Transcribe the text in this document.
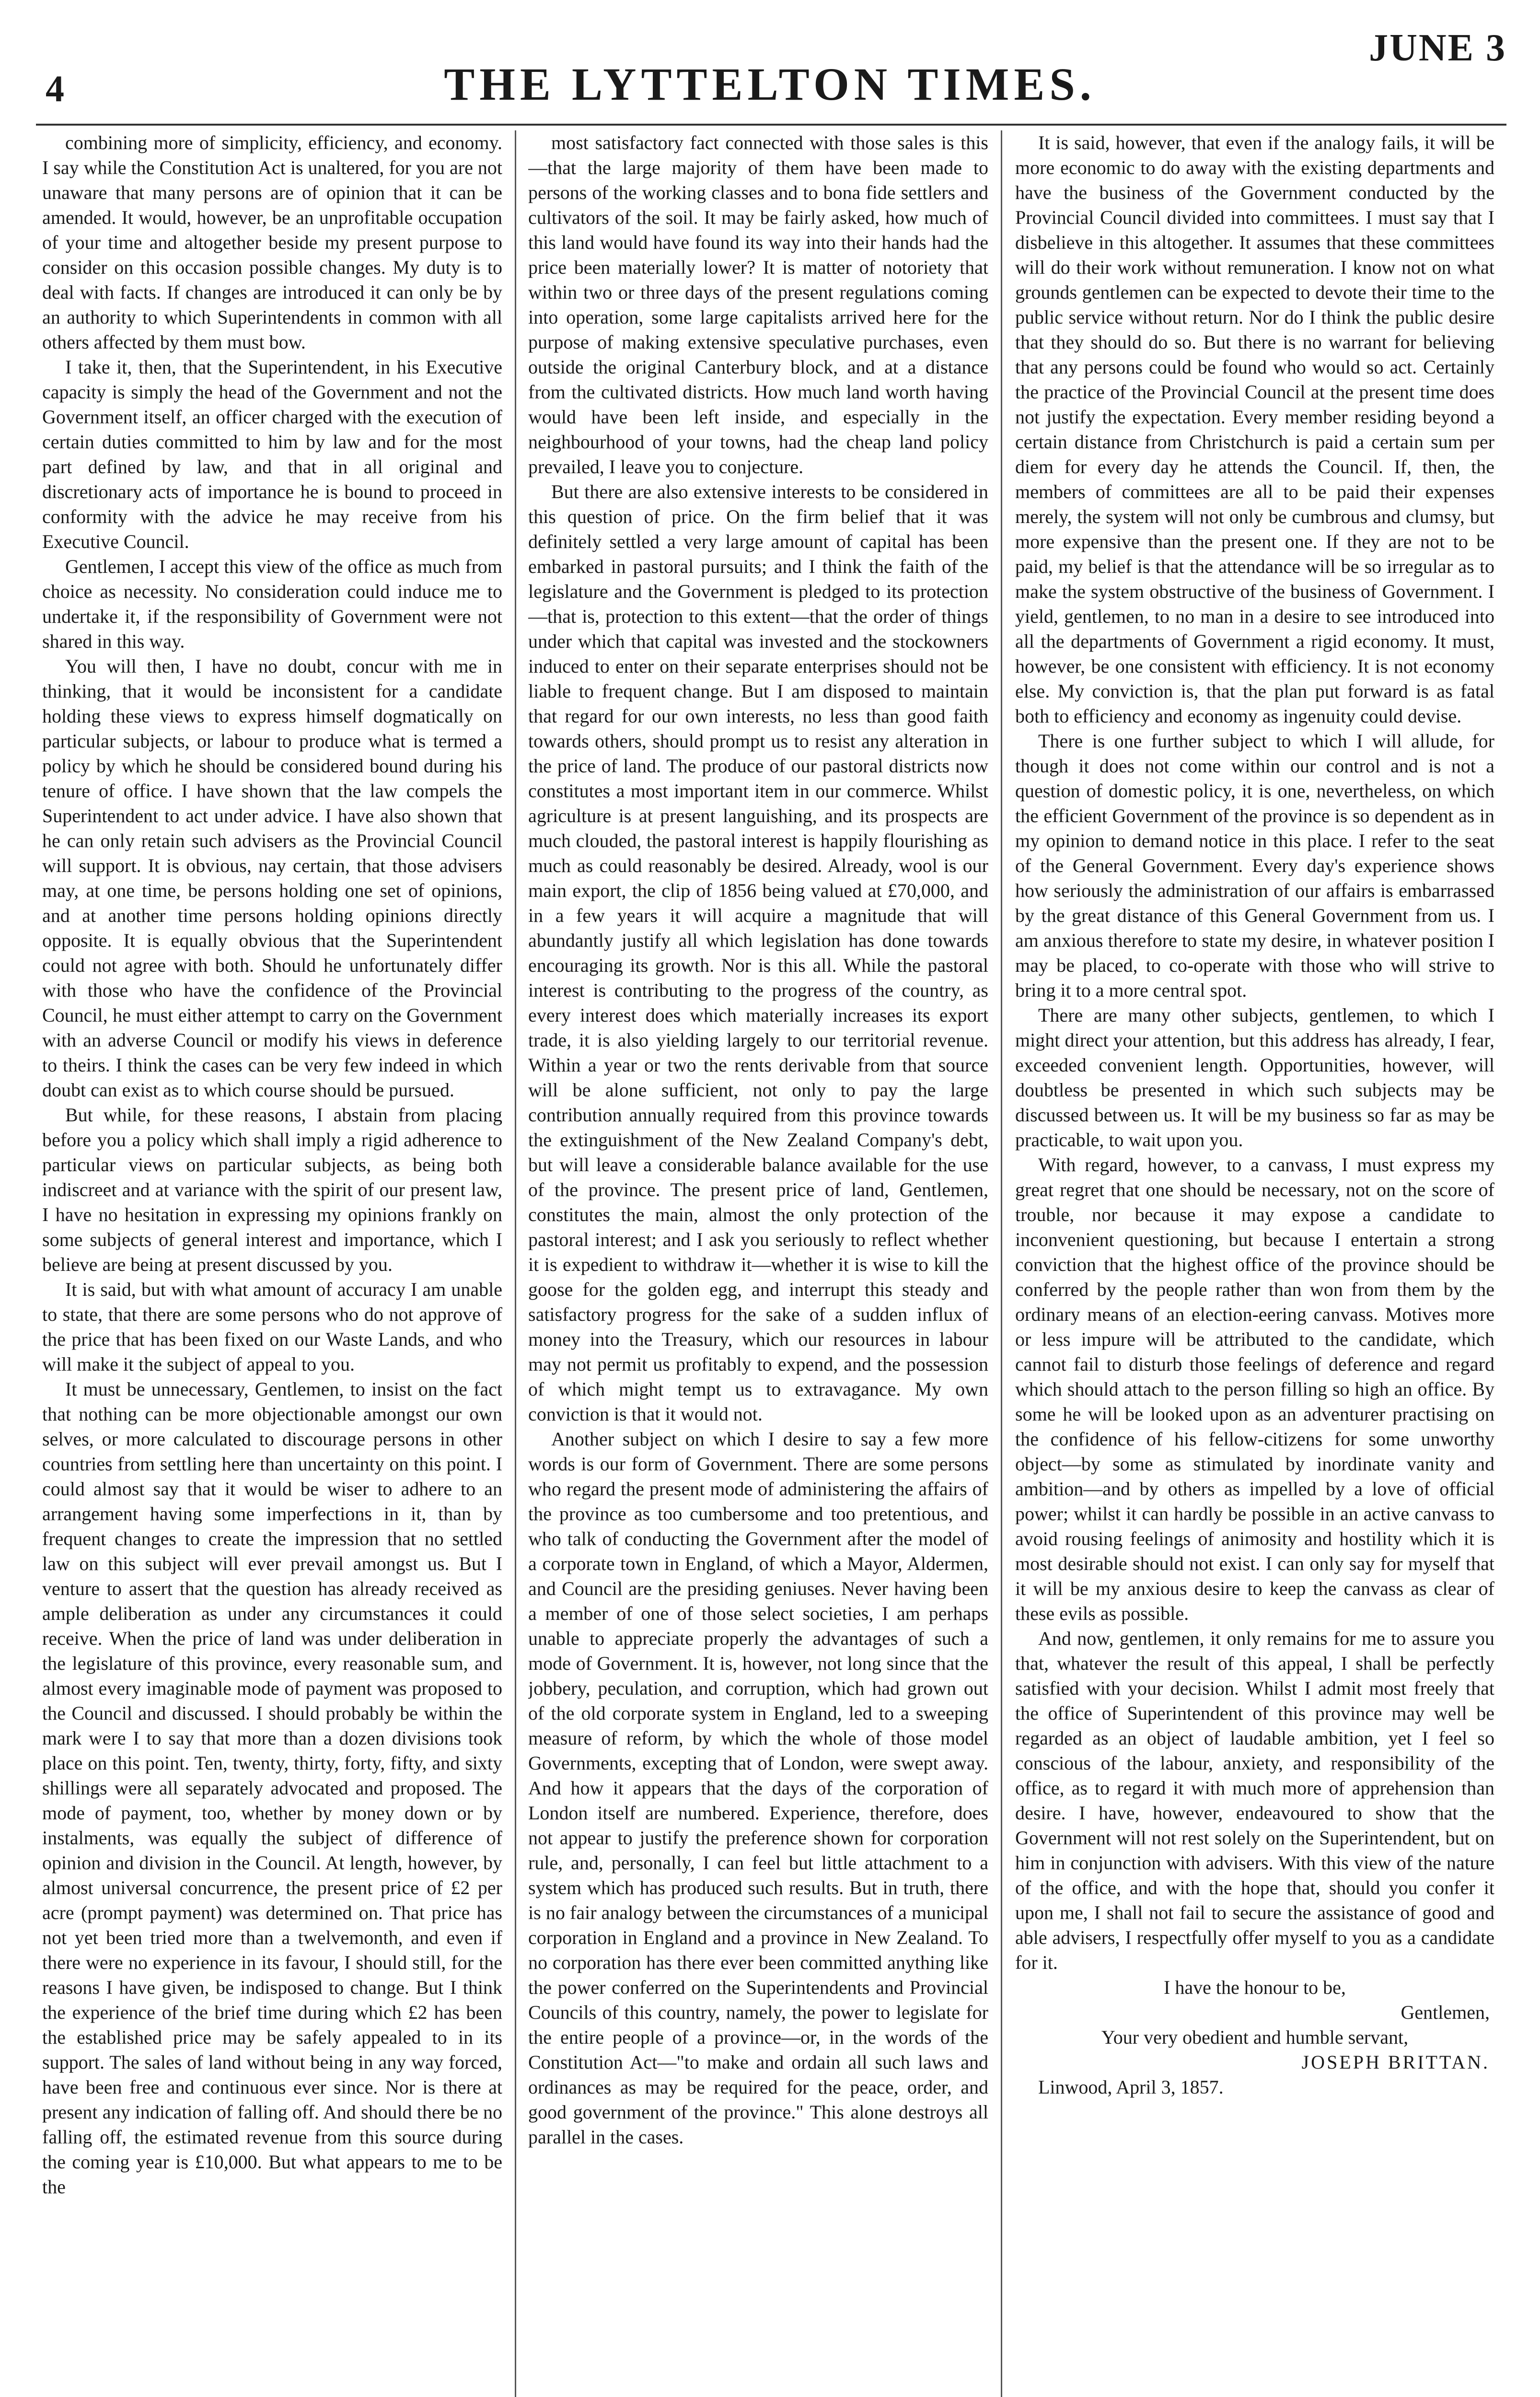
4	THE LYTTELTON TIMES.
JUNE 3

combining more of simplicity, efficiency, and economy. I say while the Constitution Act is unaltered, for you are not unaware that many persons are of opinion that it can be amended. It would, however, be an unprofitable occupation of your time and altogether beside my present purpose to consider on this occasion possible changes. My duty is to deal with facts. If changes are introduced it can only be by an authority to which Superintendents in common with all others affected by them must bow.

I take it, then, that the Superintendent, in his Executive capacity is simply the head of the Government and not the Government itself, an officer charged with the execution of certain duties committed to him by law and for the most part defined by law, and that in all original and discretionary acts of importance he is bound to proceed in conformity with the advice he may receive from his Executive Council.

Gentlemen, I accept this view of the office as much from choice as necessity. No consideration could induce me to undertake it, if the responsibility of Government were not shared in this way.

You will then, I have no doubt, concur with me in thinking, that it would be inconsistent for a candidate holding these views to express himself dogmatically on particular subjects, or labour to produce what is termed a policy by which he should be considered bound during his tenure of office. I have shown that the law compels the Superintendent to act under advice. I have also shown that he can only retain such advisers as the Provincial Council will support. It is obvious, nay certain, that those advisers may, at one time, be persons holding one set of opinions, and at another time persons holding opinions directly opposite. It is equally obvious that the Superintendent could not agree with both. Should he unfortunately differ with those who have the confidence of the Provincial Council, he must either attempt to carry on the Government with an adverse Council or modify his views in deference to theirs. I think the cases can be very few indeed in which doubt can exist as to which course should be pursued.

But while, for these reasons, I abstain from placing before you a policy which shall imply a rigid adherence to particular views on particular subjects, as being both indiscreet and at variance with the spirit of our present law, I have no hesitation in expressing my opinions frankly on some subjects of general interest and importance, which I believe are being at present discussed by you.

It is said, but with what amount of accuracy I am unable to state, that there are some persons who do not approve of the price that has been fixed on our Waste Lands, and who will make it the subject of appeal to you.

It must be unnecessary, Gentlemen, to insist on the fact that nothing can be more objectionable amongst our own selves, or more calculated to discourage persons in other countries from settling here than uncertainty on this point. I could almost say that it would be wiser to adhere to an arrangement having some imperfections in it, than by frequent changes to create the impression that no settled law on this subject will ever prevail amongst us. But I venture to assert that the question has already received as ample deliberation as under any circumstances it could receive. When the price of land was under deliberation in the legislature of this province, every reasonable sum, and almost every imaginable mode of payment was proposed to the Council and discussed. I should probably be within the mark were I to say that more than a dozen divisions took place on this point. Ten, twenty, thirty, forty, fifty, and sixty shillings were all separately advocated and proposed. The mode of payment, too, whether by money down or by instalments, was equally the subject of difference of opinion and division in the Council. At length, however, by almost universal concurrence, the present price of £2 per acre (prompt payment) was determined on. That price has not yet been tried more than a twelvemonth, and even if there were no experience in its favour, I should still, for the reasons I have given, be indisposed to change. But I think the experience of the brief time during which £2 has been the established price may be safely appealed to in its support. The sales of land without being in any way forced, have been free and continuous ever since. Nor is there at present any indication of falling off. And should there be no falling off, the estimated revenue from this source during the coming year is £10,000. But what appears to me to be the

most satisfactory fact connected with those sales is this—that the large majority of them have been made to persons of the working classes and to bona fide settlers and cultivators of the soil. It may be fairly asked, how much of this land would have found its way into their hands had the price been materially lower? It is matter of notoriety that within two or three days of the present regulations coming into operation, some large capitalists arrived here for the purpose of making extensive speculative purchases, even outside the original Canterbury block, and at a distance from the cultivated districts. How much land worth having would have been left inside, and especially in the neighbourhood of your towns, had the cheap land policy prevailed, I leave you to conjecture.

But there are also extensive interests to be considered in this question of price. On the firm belief that it was definitely settled a very large amount of capital has been embarked in pastoral pursuits; and I think the faith of the legislature and the Government is pledged to its protection—that is, protection to this extent—that the order of things under which that capital was invested and the stockowners induced to enter on their separate enterprises should not be liable to frequent change. But I am disposed to maintain that regard for our own interests, no less than good faith towards others, should prompt us to resist any alteration in the price of land. The produce of our pastoral districts now constitutes a most important item in our commerce. Whilst agriculture is at present languishing, and its prospects are much clouded, the pastoral interest is happily flourishing as much as could reasonably be desired. Already, wool is our main export, the clip of 1856 being valued at £70,000, and in a few years it will acquire a magnitude that will abundantly justify all which legislation has done towards encouraging its growth. Nor is this all. While the pastoral interest is contributing to the progress of the country, as every interest does which materially increases its export trade, it is also yielding largely to our territorial revenue. Within a year or two the rents derivable from that source will be alone sufficient, not only to pay the large contribution annually required from this province towards the extinguishment of the New Zealand Company's debt, but will leave a considerable balance available for the use of the province. The present price of land, Gentlemen, constitutes the main, almost the only protection of the pastoral interest; and I ask you seriously to reflect whether it is expedient to withdraw it—whether it is wise to kill the goose for the golden egg, and interrupt this steady and satisfactory progress for the sake of a sudden influx of money into the Treasury, which our resources in labour may not permit us profitably to expend, and the possession of which might tempt us to extravagance. My own conviction is that it would not.

Another subject on which I desire to say a few more words is our form of Government. There are some persons who regard the present mode of administering the affairs of the province as too cumbersome and too pretentious, and who talk of conducting the Government after the model of a corporate town in England, of which a Mayor, Aldermen, and Council are the presiding geniuses. Never having been a member of one of those select societies, I am perhaps unable to appreciate properly the advantages of such a mode of Government. It is, however, not long since that the jobbery, peculation, and corruption, which had grown out of the old corporate system in England, led to a sweeping measure of reform, by which the whole of those model Governments, excepting that of London, were swept away. And how it appears that the days of the corporation of London itself are numbered. Experience, therefore, does not appear to justify the preference shown for corporation rule, and, personally, I can feel but little attachment to a system which has produced such results. But in truth, there is no fair analogy between the circumstances of a municipal corporation in England and a province in New Zealand. To no corporation has there ever been committed anything like the power conferred on the Superintendents and Provincial Councils of this country, namely, the power to legislate for the entire people of a province—or, in the words of the Constitution Act—"to make and ordain all such laws and ordinances as may be required for the peace, order, and good government of the province." This alone destroys all parallel in the cases.

It is said, however, that even if the analogy fails, it will be more economic to do away with the existing departments and have the business of the Government conducted by the Provincial Council divided into committees. I must say that I disbelieve in this altogether. It assumes that these committees will do their work without remuneration. I know not on what grounds gentlemen can be expected to devote their time to the public service without return. Nor do I think the public desire that they should do so. But there is no warrant for believing that any persons could be found who would so act. Certainly the practice of the Provincial Council at the present time does not justify the expectation. Every member residing beyond a certain distance from Christchurch is paid a certain sum per diem for every day he attends the Council. If, then, the members of committees are all to be paid their expenses merely, the system will not only be cumbrous and clumsy, but more expensive than the present one. If they are not to be paid, my belief is that the attendance will be so irregular as to make the system obstructive of the business of Government. I yield, gentlemen, to no man in a desire to see introduced into all the departments of Government a rigid economy. It must, however, be one consistent with efficiency. It is not economy else. My conviction is, that the plan put forward is as fatal both to efficiency and economy as ingenuity could devise.

There is one further subject to which I will allude, for though it does not come within our control and is not a question of domestic policy, it is one, nevertheless, on which the efficient Government of the province is so dependent as in my opinion to demand notice in this place. I refer to the seat of the General Government. Every day's experience shows how seriously the administration of our affairs is embarrassed by the great distance of this General Government from us. I am anxious therefore to state my desire, in whatever position I may be placed, to co-operate with those who will strive to bring it to a more central spot.

There are many other subjects, gentlemen, to which I might direct your attention, but this address has already, I fear, exceeded convenient length. Opportunities, however, will doubtless be presented in which such subjects may be discussed between us. It will be my business so far as may be practicable, to wait upon you.

With regard, however, to a canvass, I must express my great regret that one should be necessary, not on the score of trouble, nor because it may expose a candidate to inconvenient questioning, but because I entertain a strong conviction that the highest office of the province should be conferred by the people rather than won from them by the ordinary means of an election-eering canvass. Motives more or less impure will be attributed to the candidate, which cannot fail to disturb those feelings of deference and regard which should attach to the person filling so high an office. By some he will be looked upon as an adventurer practising on the confidence of his fellow-citizens for some unworthy object—by some as stimulated by inordinate vanity and ambition—and by others as impelled by a love of official power; whilst it can hardly be possible in an active canvass to avoid rousing feelings of animosity and hostility which it is most desirable should not exist. I can only say for myself that it will be my anxious desire to keep the canvass as clear of these evils as possible.

And now, gentlemen, it only remains for me to assure you that, whatever the result of this appeal, I shall be perfectly satisfied with your decision. Whilst I admit most freely that the office of Superintendent of this province may well be regarded as an object of laudable ambition, yet I feel so conscious of the labour, anxiety, and responsibility of the office, as to regard it with much more of apprehension than desire. I have, however, endeavoured to show that the Government will not rest solely on the Superintendent, but on him in conjunction with advisers. With this view of the nature of the office, and with the hope that, should you confer it upon me, I shall not fail to secure the assistance of good and able advisers, I respectfully offer myself to you as a candidate for it.

I have the honour to be,

Gentlemen,

Your very obedient and humble servant,

JOSEPH BRITTAN.

Linwood, April 3, 1857.
